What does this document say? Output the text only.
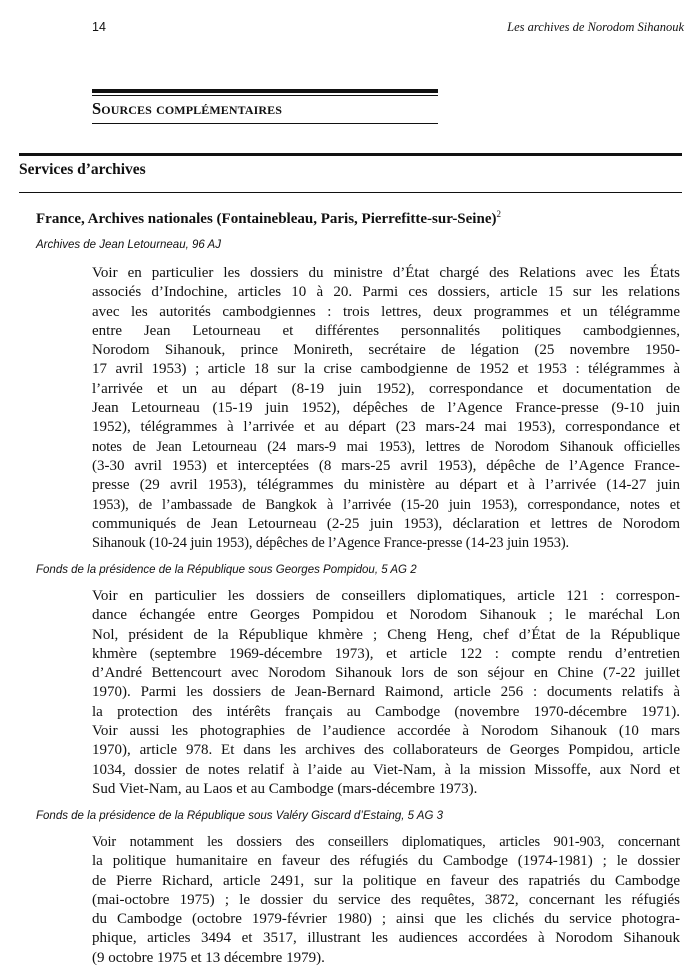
14	Les archives de Norodom Sihanouk
Sources complémentaires
Services d’archives
France, Archives nationales (Fontainebleau, Paris, Pierrefitte-sur-Seine)$^2$
Archives de Jean Letourneau, 96 AJ
Voir en particulier les dossiers du ministre d’État chargé des Relations avec les États
associés d’Indochine, articles 10 à 20. Parmi ces dossiers, article 15 sur les relations
avec les autorités cambodgiennes : trois lettres, deux programmes et un télégramme
entre Jean Letourneau et différentes personnalités politiques cambodgiennes,
Norodom Sihanouk, prince Monireth, secrétaire de légation (25 novembre 1950-
17 avril 1953) ; article 18 sur la crise cambodgienne de 1952 et 1953 : télégrammes à
l’arrivée et un au départ (8-19 juin 1952), correspondance et documentation de
Jean Letourneau (15-19 juin 1952), dépêches de l’Agence France-presse (9-10 juin
1952), télégrammes à l’arrivée et au départ (23 mars-24 mai 1953), correspondance et
notes de Jean Letourneau (24 mars-9 mai 1953), lettres de Norodom Sihanouk officielles
(3-30 avril 1953) et interceptées (8 mars-25 avril 1953), dépêche de l’Agence France-
presse (29 avril 1953), télégrammes du ministère au départ et à l’arrivée (14-27 juin
1953), de l’ambassade de Bangkok à l’arrivée (15-20 juin 1953), correspondance, notes et
communiqués de Jean Letourneau (2-25 juin 1953), déclaration et lettres de Norodom
Sihanouk (10-24 juin 1953), dépêches de l’Agence France-presse (14-23 juin 1953).
Fonds de la présidence de la République sous Georges Pompidou, 5 AG 2
Voir en particulier les dossiers de conseillers diplomatiques, article 121 : correspon-
dance échangée entre Georges Pompidou et Norodom Sihanouk ; le maréchal Lon
Nol, président de la République khmère ; Cheng Heng, chef d’État de la République
khmère (septembre 1969-décembre 1973), et article 122 : compte rendu d’entretien
d’André Bettencourt avec Norodom Sihanouk lors de son séjour en Chine (7-22 juillet
1970). Parmi les dossiers de Jean-Bernard Raimond, article 256 : documents relatifs à
la protection des intérêts français au Cambodge (novembre 1970-décembre 1971).
Voir aussi les photographies de l’audience accordée à Norodom Sihanouk (10 mars
1970), article 978. Et dans les archives des collaborateurs de Georges Pompidou, article
1034, dossier de notes relatif à l’aide au Viet-Nam, à la mission Missoffe, aux Nord et
Sud Viet-Nam, au Laos et au Cambodge (mars-décembre 1973).
Fonds de la présidence de la République sous Valéry Giscard d’Estaing, 5 AG 3
Voir notamment les dossiers des conseillers diplomatiques, articles 901-903, concernant
la politique humanitaire en faveur des réfugiés du Cambodge (1974-1981) ; le dossier
de Pierre Richard, article 2491, sur la politique en faveur des rapatriés du Cambodge
(mai-octobre 1975) ; le dossier du service des requêtes, 3872, concernant les réfugiés
du Cambodge (octobre 1979-février 1980) ; ainsi que les clichés du service photogra-
phique, articles 3494 et 3517, illustrant les audiences accordées à Norodom Sihanouk
(9 octobre 1975 et 13 décembre 1979).
